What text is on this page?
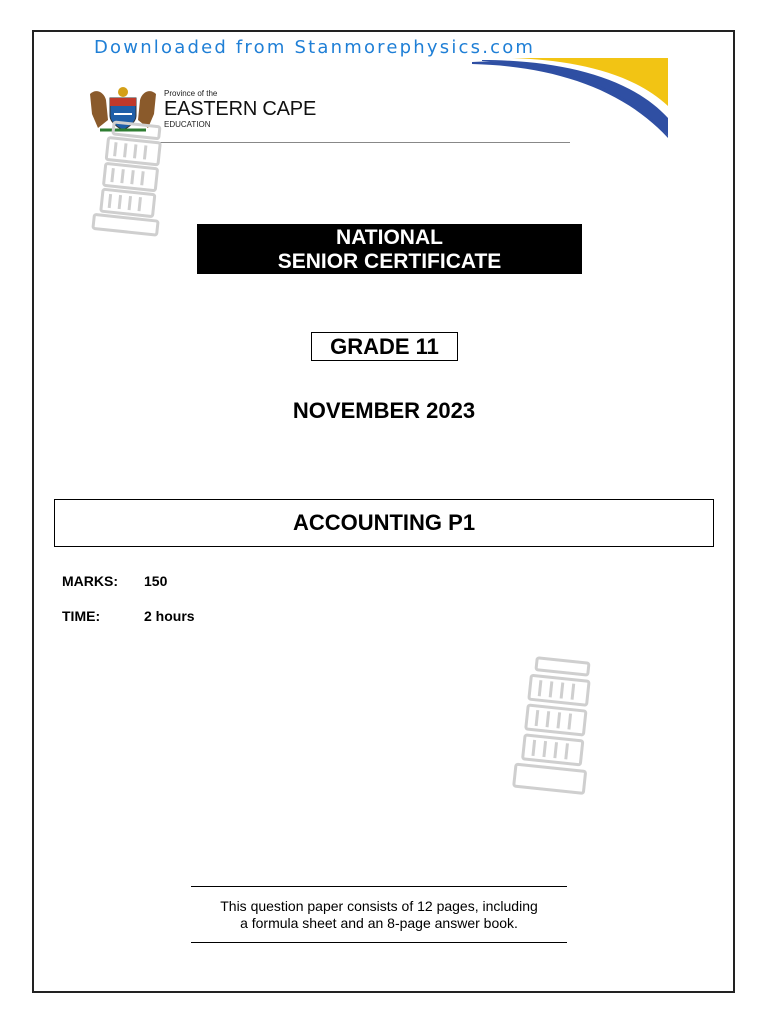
Downloaded from Stanmorephysics.com
Province of the
EASTERN CAPE
EDUCATION
NATIONAL
SENIOR CERTIFICATE
GRADE 11
NOVEMBER 2023
ACCOUNTING P1
MARKS: 150
TIME:	2 hours
This question paper consists of 12 pages, including
a formula sheet and an 8-page answer book.
